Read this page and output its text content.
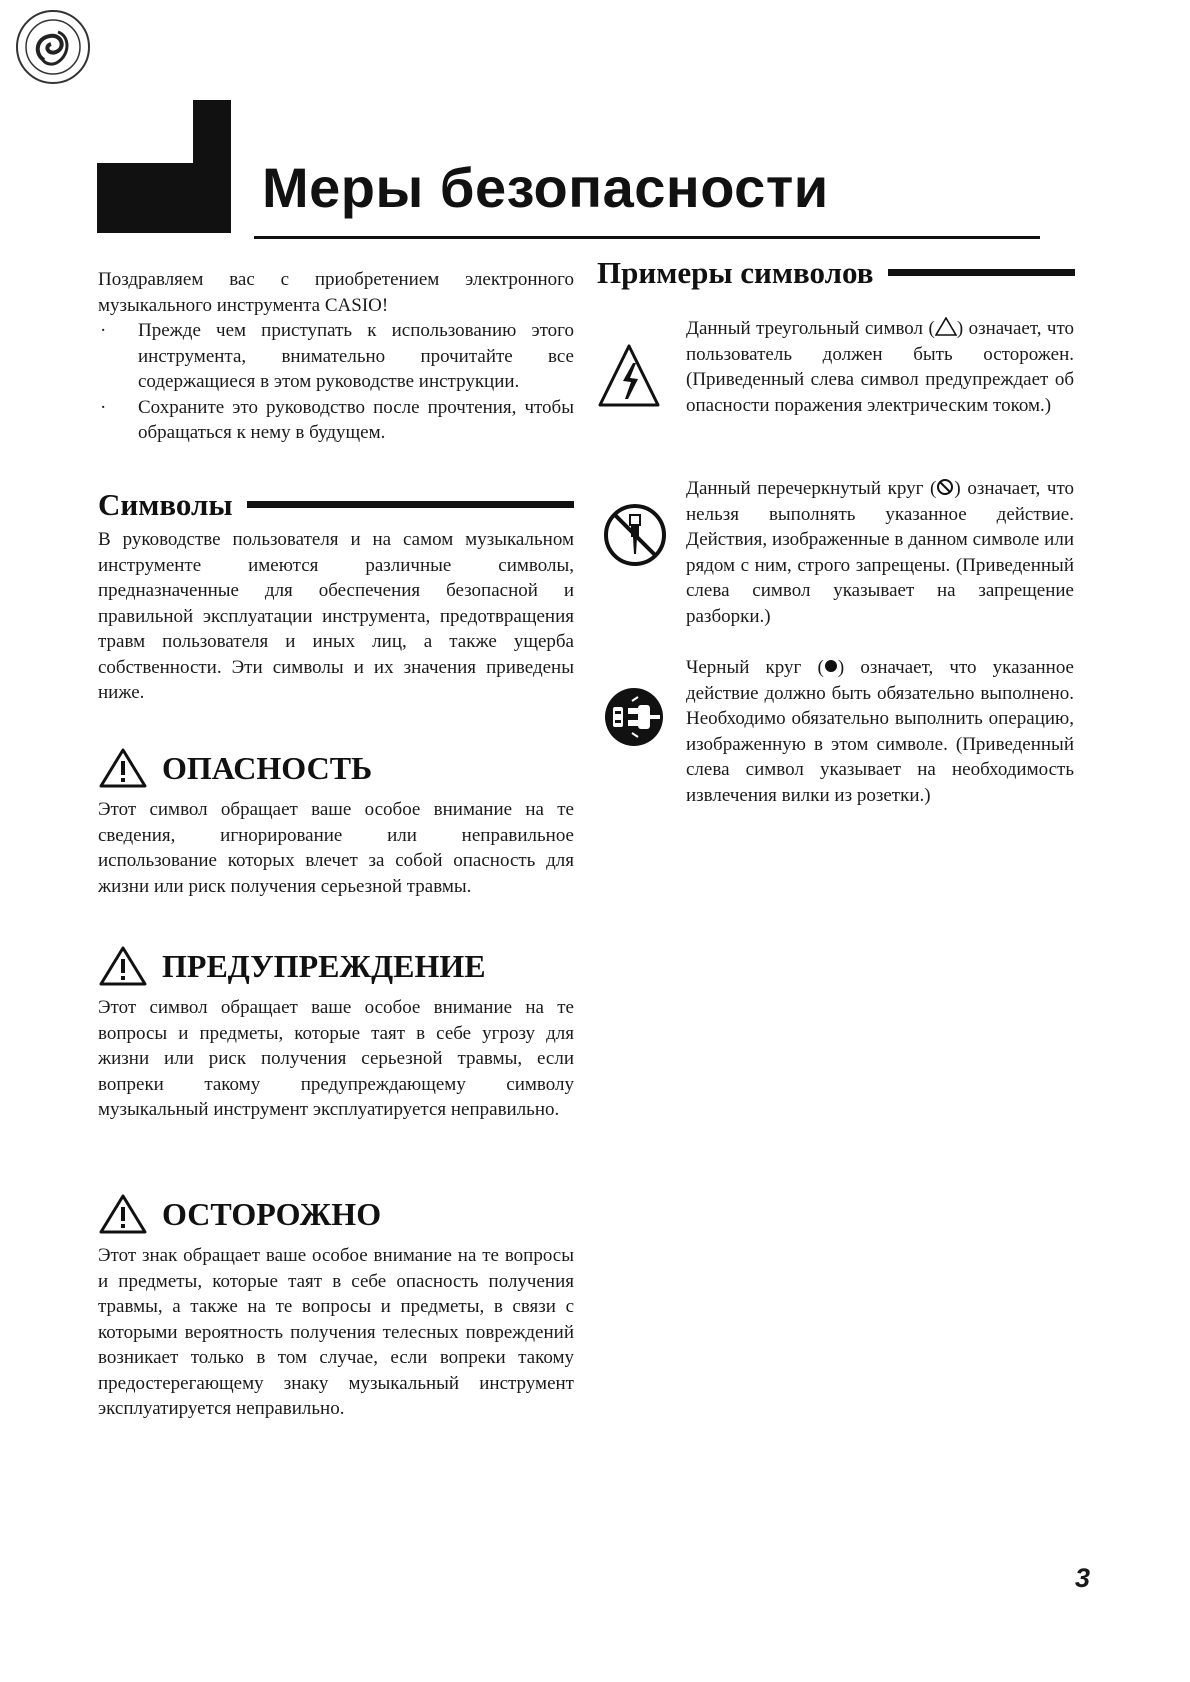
Меры безопасности

Поздравляем вас с приобретением электронного музыкального инструмента CASIO!

· Прежде чем приступать к использованию этого инструмента, внимательно прочитайте все содержащиеся в этом руководстве инструкции.
· Сохраните это руководство после прочтения, чтобы обращаться к нему в будущем.
Символы

В руководстве пользователя и на самом музыкальном инструменте имеются различные символы, предназначенные для обеспечения безопасной и правильной эксплуатации инструмента, предотвращения травм пользователя и иных лиц, а также ущерба собственности. Эти символы и их значения приведены ниже.

ОПАСНОСТЬ

Этот символ обращает ваше особое внимание на те сведения, игнорирование или неправильное использование которых влечет за собой опасность для жизни или риск получения серьезной травмы.

ПРЕДУПРЕЖДЕНИЕ

Этот символ обращает ваше особое внимание на те вопросы и предметы, которые таят в себе угрозу для жизни или риск получения серьезной травмы, если вопреки такому предупреждающему символу музыкальный инструмент эксплуатируется неправильно.

ОСТОРОЖНО

Этот знак обращает ваше особое внимание на те вопросы и предметы, которые таят в себе опасность получения травмы, а также на те вопросы и предметы, в связи с которыми вероятность получения телесных повреждений возникает только в том случае, если вопреки такому предостерегающему знаку музыкальный инструмент эксплуатируется неправильно.

Примеры символов

Данный треугольный символ ( ) означает, что пользователь должен быть осторожен. (Приведенный слева символ предупреждает об опасности поражения электрическим током.)

Данный перечеркнутый круг ( ) означает, что нельзя выполнять указанное действие. Действия, изображенные в данном символе или рядом с ним, строго запрещены. (Приведенный слева символ указывает на запрещение разборки.)

Черный круг ( ) означает, что указанное действие должно быть обязательно выполнено. Необходимо обязательно выполнить операцию, изображенную в этом символе. (Приведенный слева символ указывает на необходимость извлечения вилки из розетки.)

3
